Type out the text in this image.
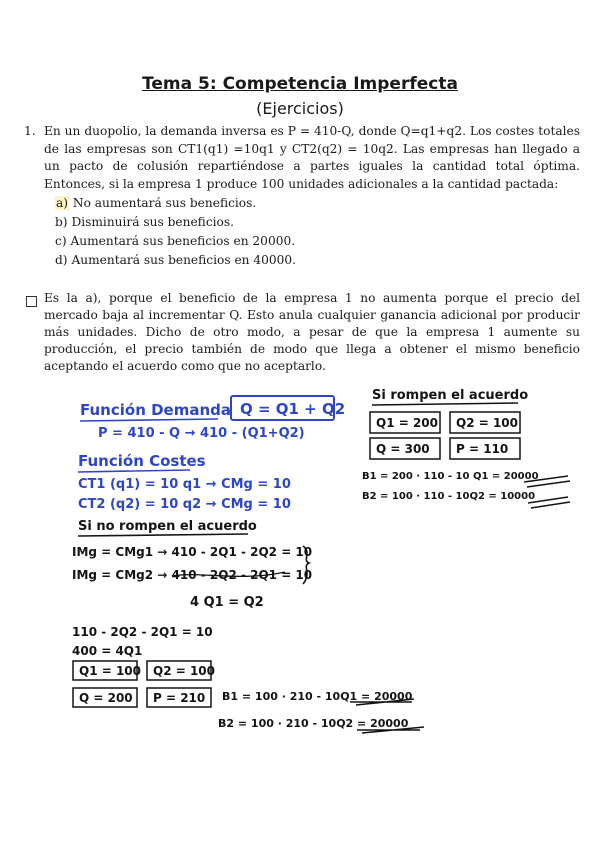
Tema 5: Competencia Imperfecta
(Ejercicios)
1. En un duopolio, la demanda inversa es P = 410-Q, donde Q=q1+q2. Los costes totales de las empresas son CT1(q1) =10q1 y CT2(q2) = 10q2. Las empresas han llegado a un pacto de colusión repartiéndose a partes iguales la cantidad total óptima. Entonces, si la empresa 1 produce 100 unidades adicionales a la cantidad pactada:
a) No aumentará sus beneficios.
b) Disminuirá sus beneficios.
c) Aumentará sus beneficios en 20000.
d) Aumentará sus beneficios en 40000.
Es la a), porque el beneficio de la empresa 1 no aumenta porque el precio del mercado baja al incrementar Q. Esto anula cualquier ganancia adicional por producir más unidades. Dicho de otro modo, a pesar de que la empresa 1 aumente su producción, el precio también de modo que llega a obtener el mismo beneficio aceptando el acuerdo como que no aceptarlo.
Función Demanda Q = Q1 + Q2
P = 410 - Q → 410 - (Q1+Q2)
Función Costes
CT1 (q1) = 10 q1 → CMg = 10
CT2 (q2) = 10 q2 → CMg = 10
Si no rompen el acuerdo
IMg = CMg1 → 410 - 2Q1 - 2Q2 = 10
IMg = CMg2 → 410 - 2Q2 - 2Q1 = 10
4 Q1 = Q2
110 - 2Q2 - 2Q1 = 10
400 = 4Q1
Q1 = 100 Q2 = 100
Q = 200 P = 210 B1 = 100 · 210 - 10Q1 = 20000
B2 = 100 · 210 - 10Q2 = 20000
Si rompen el acuerdo
Q1 = 200 Q2 = 100
Q = 300 P = 110
B1 = 200 · 110 - 10 Q1 = 20000
B2 = 100 · 110 - 10Q2 = 10000
